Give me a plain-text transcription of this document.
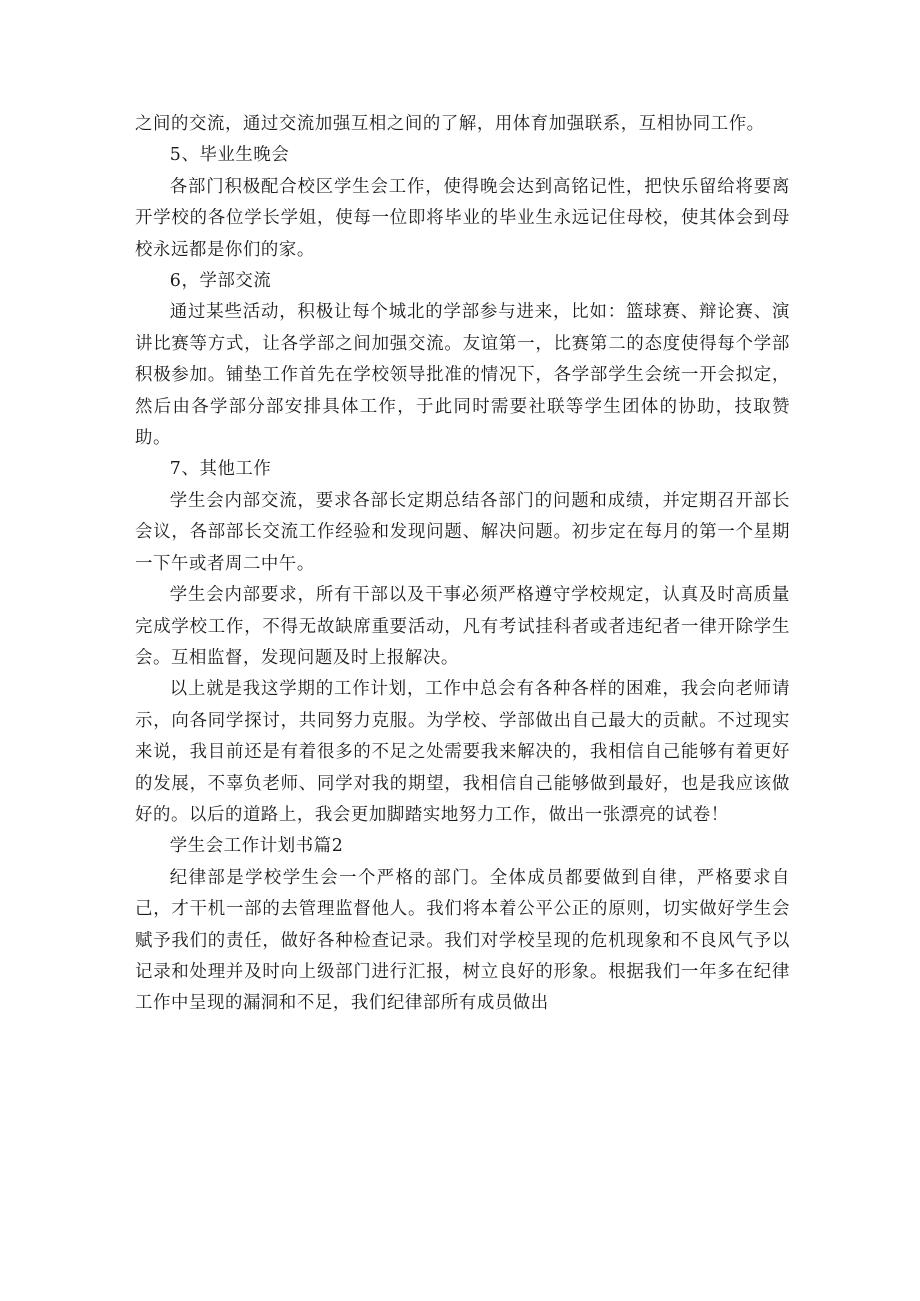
之间的交流，通过交流加强互相之间的了解，用体育加强联系，互相协同工作。

5、毕业生晚会

各部门积极配合校区学生会工作，使得晚会达到高铭记性，把快乐留给将要离开学校的各位学长学姐，使每一位即将毕业的毕业生永远记住母校，使其体会到母校永远都是你们的家。

6，学部交流

通过某些活动，积极让每个城北的学部参与进来，比如：篮球赛、辩论赛、演讲比赛等方式，让各学部之间加强交流。友谊第一，比赛第二的态度使得每个学部积极参加。铺垫工作首先在学校领导批准的情况下，各学部学生会统一开会拟定，然后由各学部分部安排具体工作，于此同时需要社联等学生团体的协助，技取赞助。

7、其他工作

学生会内部交流，要求各部长定期总结各部门的问题和成绩，并定期召开部长会议，各部部长交流工作经验和发现问题、解决问题。初步定在每月的第一个星期一下午或者周二中午。

学生会内部要求，所有干部以及干事必须严格遵守学校规定，认真及时高质量完成学校工作，不得无故缺席重要活动，凡有考试挂科者或者违纪者一律开除学生会。互相监督，发现问题及时上报解决。

以上就是我这学期的工作计划，工作中总会有各种各样的困难，我会向老师请示，向各同学探讨，共同努力克服。为学校、学部做出自己最大的贡献。不过现实来说，我目前还是有着很多的不足之处需要我来解决的，我相信自己能够有着更好的发展，不辜负老师、同学对我的期望，我相信自己能够做到最好，也是我应该做好的。以后的道路上，我会更加脚踏实地努力工作，做出一张漂亮的试卷！

学生会工作计划书篇2

纪律部是学校学生会一个严格的部门。全体成员都要做到自律，严格要求自己，才干机一部的去管理监督他人。我们将本着公平公正的原则，切实做好学生会赋予我们的责任，做好各种检查记录。我们对学校呈现的危机现象和不良风气予以记录和处理并及时向上级部门进行汇报，树立良好的形象。根据我们一年多在纪律工作中呈现的漏洞和不足，我们纪律部所有成员做出
